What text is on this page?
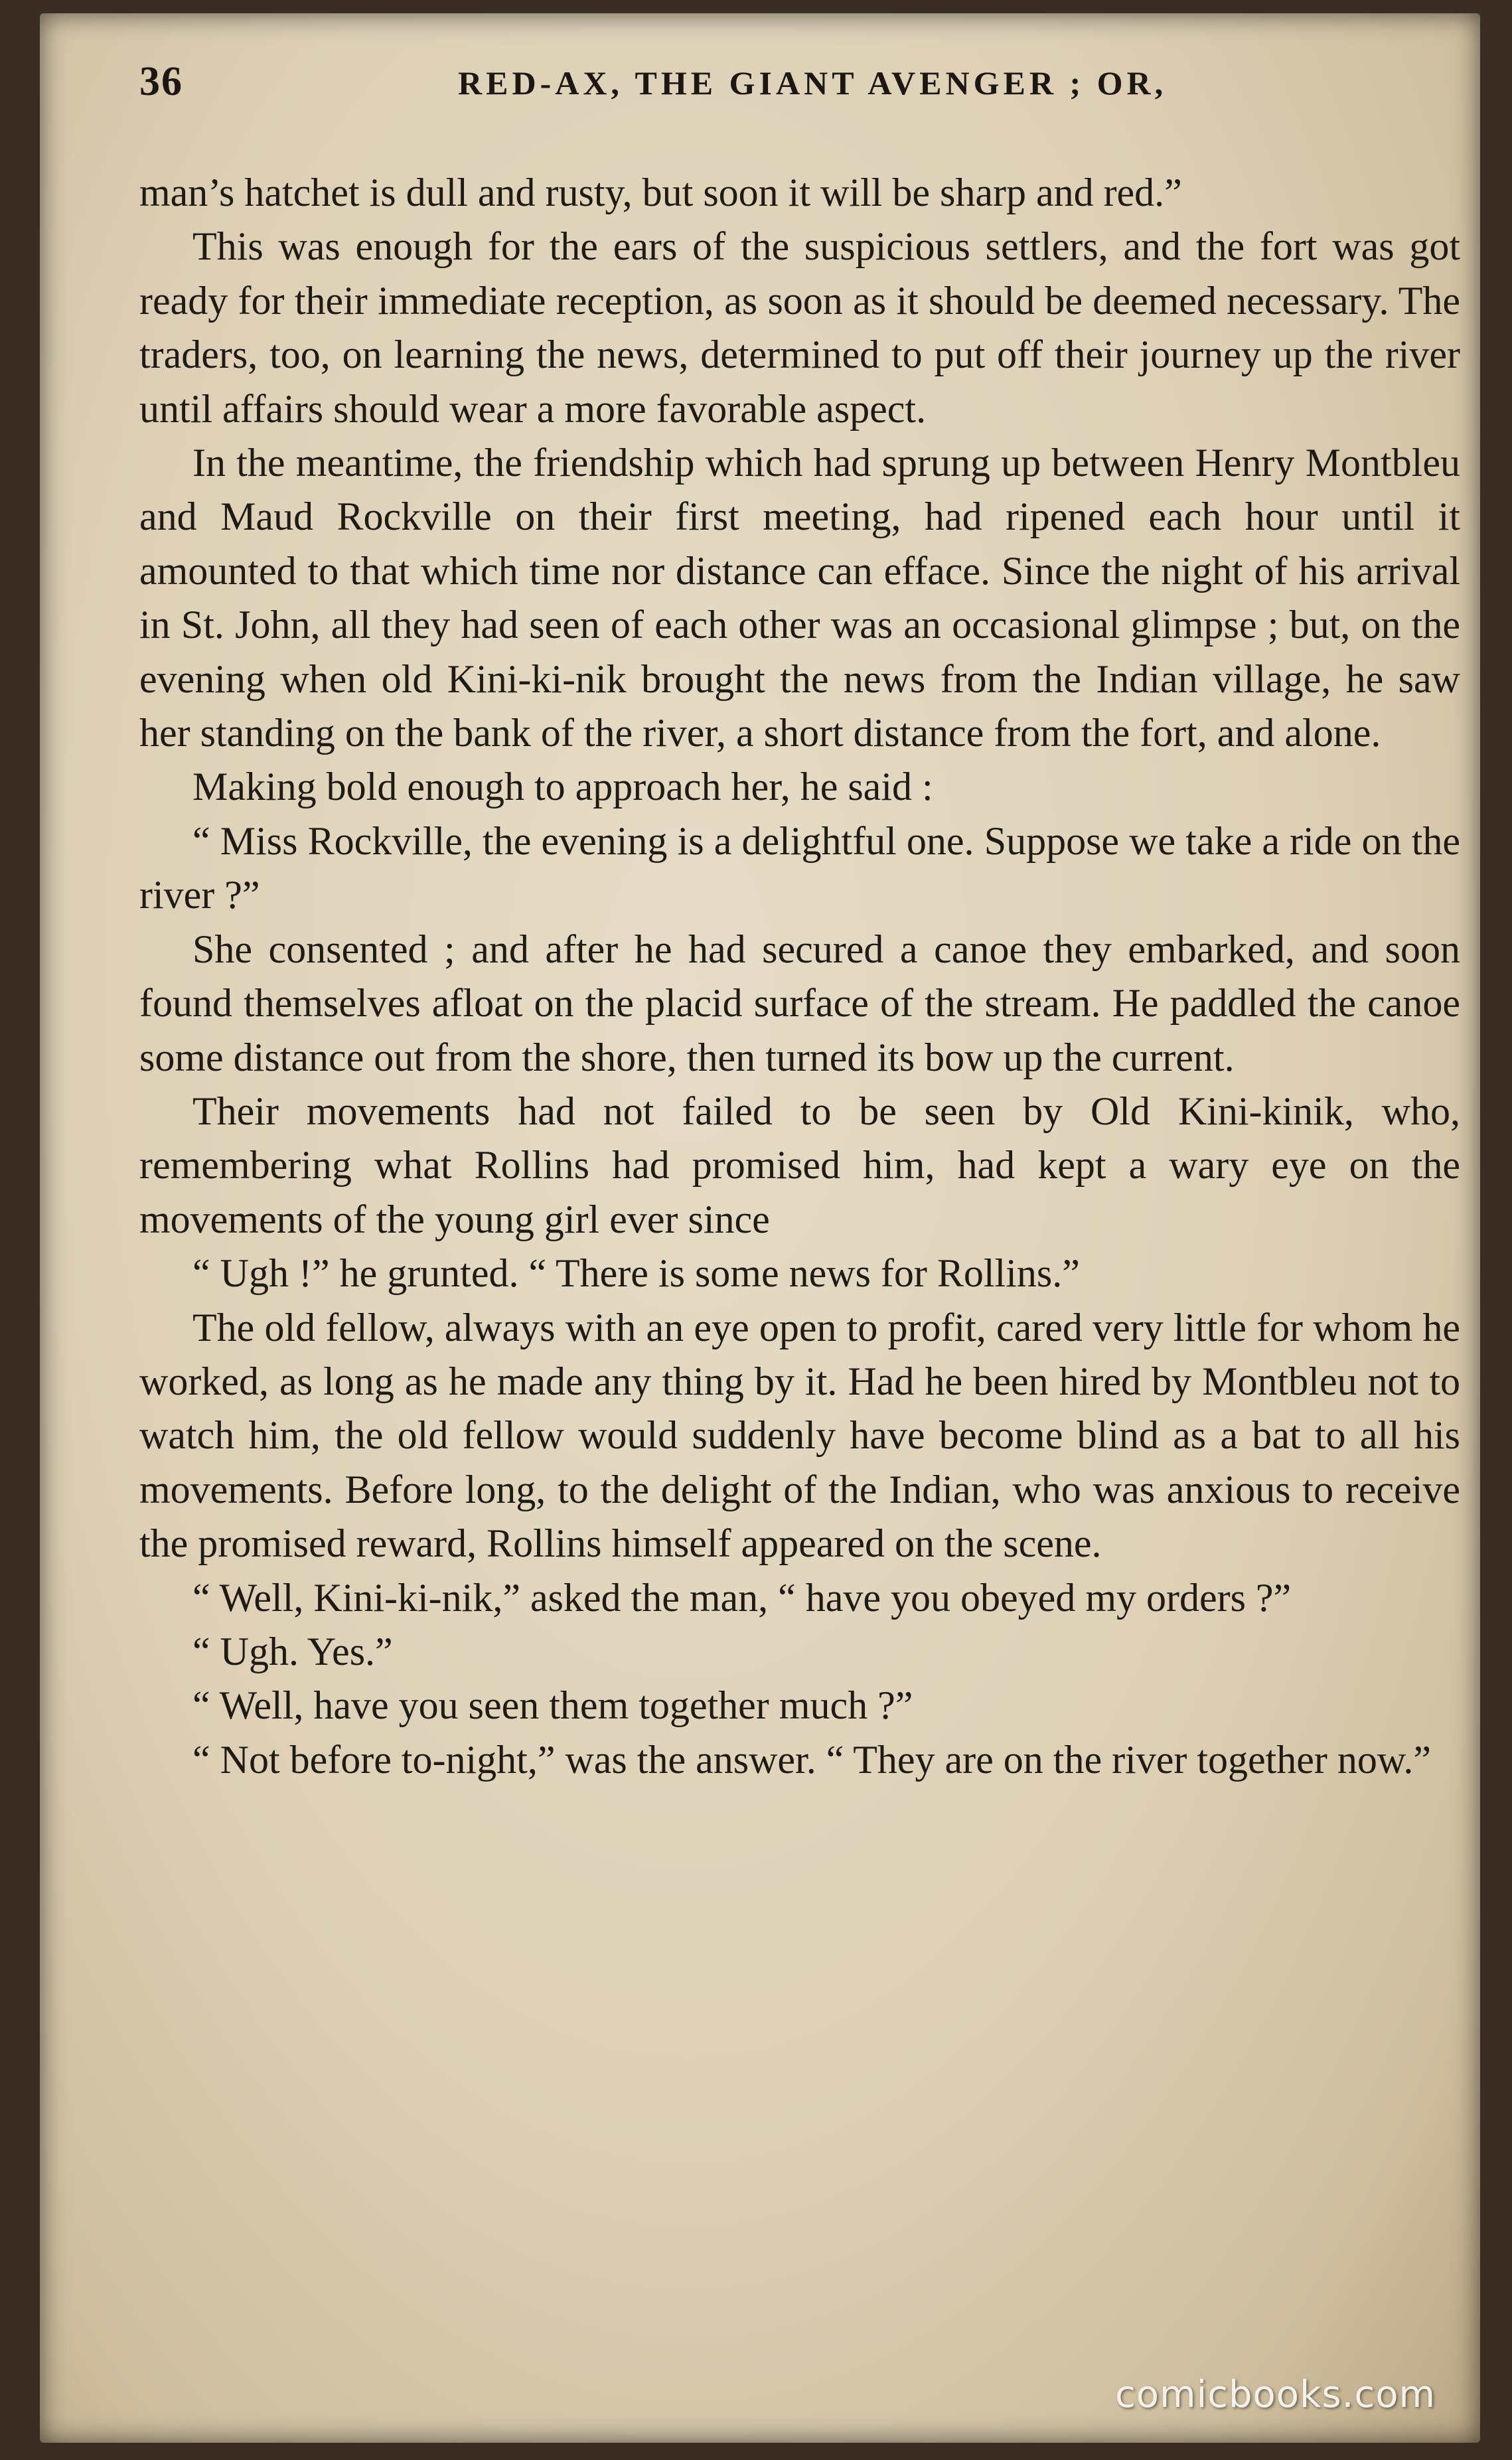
36	RED-AX, THE GIANT AVENGER ; OR,

man’s hatchet is dull and rusty, but soon it will be sharp and red.”

This was enough for the ears of the suspicious settlers, and the fort was got ready for their immediate reception, as soon as it should be deemed necessary. The traders, too, on learning the news, determined to put off their journey up the river until affairs should wear a more favorable aspect.

In the meantime, the friendship which had sprung up between Henry Montbleu and Maud Rockville on their first meeting, had ripened each hour until it amounted to that which time nor distance can efface. Since the night of his arrival in St. John, all they had seen of each other was an occasional glimpse ; but, on the evening when old Kini-ki-nik brought the news from the Indian village, he saw her standing on the bank of the river, a short distance from the fort, and alone.

Making bold enough to approach her, he said :

“ Miss Rockville, the evening is a delightful one. Suppose we take a ride on the river ?”

She consented ; and after he had secured a canoe they embarked, and soon found themselves afloat on the placid surface of the stream. He paddled the canoe some distance out from the shore, then turned its bow up the current.

Their movements had not failed to be seen by Old Kini-kinik, who, remembering what Rollins had promised him, had kept a wary eye on the movements of the young girl ever since

“ Ugh !” he grunted. “ There is some news for Rollins.”

The old fellow, always with an eye open to profit, cared very little for whom he worked, as long as he made any thing by it. Had he been hired by Montbleu not to watch him, the old fellow would suddenly have become blind as a bat to all his movements. Before long, to the delight of the Indian, who was anxious to receive the promised reward, Rollins himself appeared on the scene.

“ Well, Kini-ki-nik,” asked the man, “ have you obeyed my orders ?”

“ Ugh. Yes.”

“ Well, have you seen them together much ?”

“ Not before to-night,” was the answer. “ They are on the river together now.”

comicbooks.com
